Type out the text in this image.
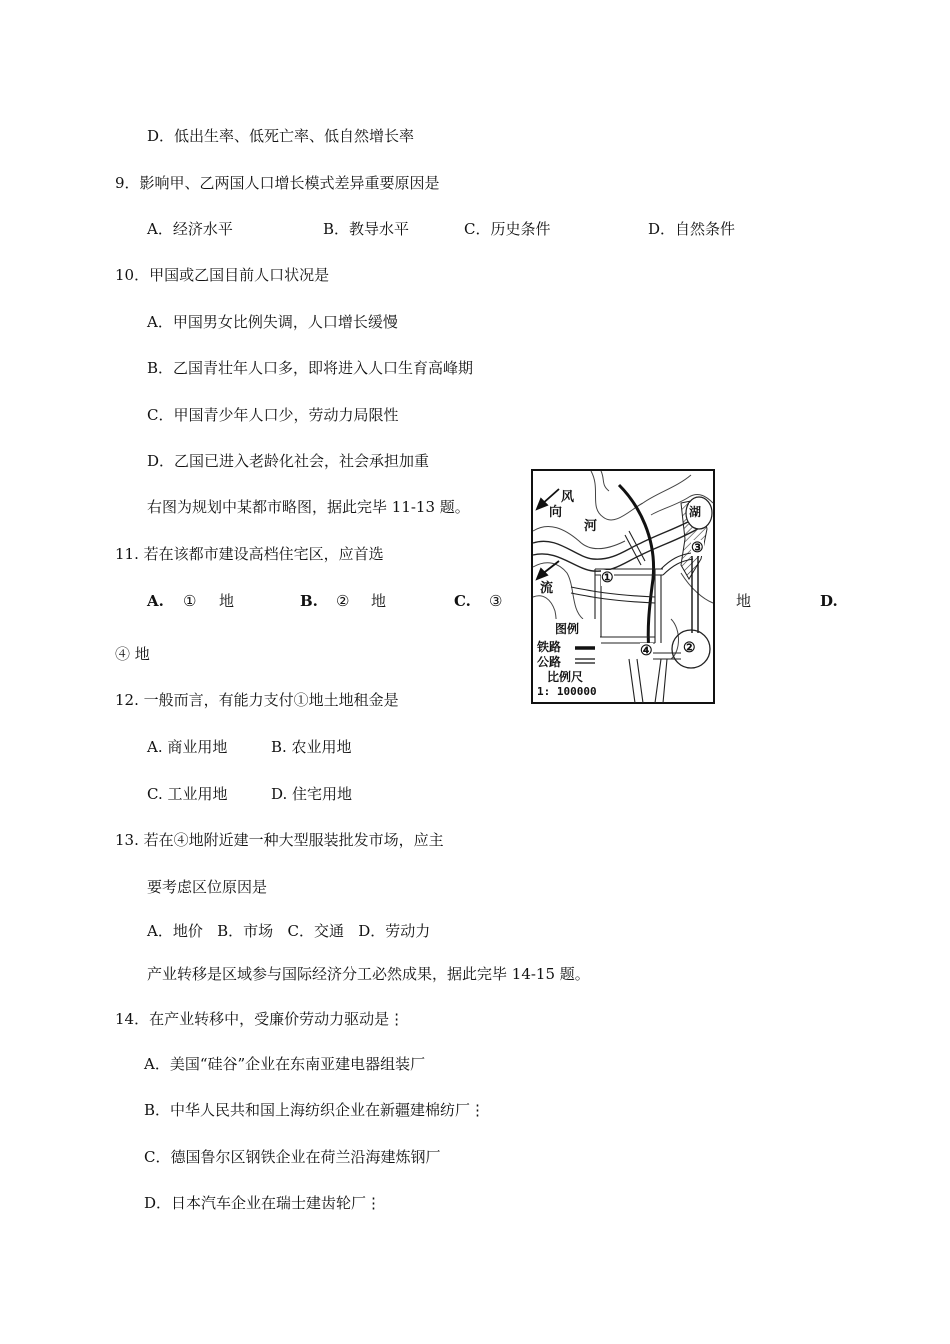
D．低出生率、低死亡率、低自然增长率
9．影响甲、乙两国人口增长模式差异重要原因是
A．经济水平	B．教导水平	C．历史条件	D．自然条件
10．甲国或乙国目前人口状况是
A．甲国男女比例失调，人口增长缓慢
B．乙国青壮年人口多，即将进入人口生育高峰期
C．甲国青少年人口少，劳动力局限性
D．乙国已进入老龄化社会，社会承担加重
右图为规划中某都市略图，据此完毕 11-13 题。
11. 若在该都市建设高档住宅区，应首选
A. ① 地	B. ② 地	C. ③	地	D.
④ 地
12. 一般而言，有能力支付①地土地租金是
A. 商业用地	B. 农业用地
C. 工业用地	D. 住宅用地
13. 若在④地附近建一种大型服装批发市场，应主
要考虑区位原因是
A．地价   B．市场   C．交通   D．劳动力
产业转移是区域参与国际经济分工必然成果，据此完毕 14-15 题。
14．在产业转移中，受廉价劳动力驱动是⋮
A．美国“硅谷”企业在东南亚建电器组装厂
B．中华人民共和国上海纺织企业在新疆建棉纺厂⋮
C．德国鲁尔区钢铁企业在荷兰沿海建炼钢厂
D．日本汽车企业在瑞士建齿轮厂⋮
风
向
河
流
湖
①
②
③
④
图例
铁路
公路
比例尺
1: 100000
